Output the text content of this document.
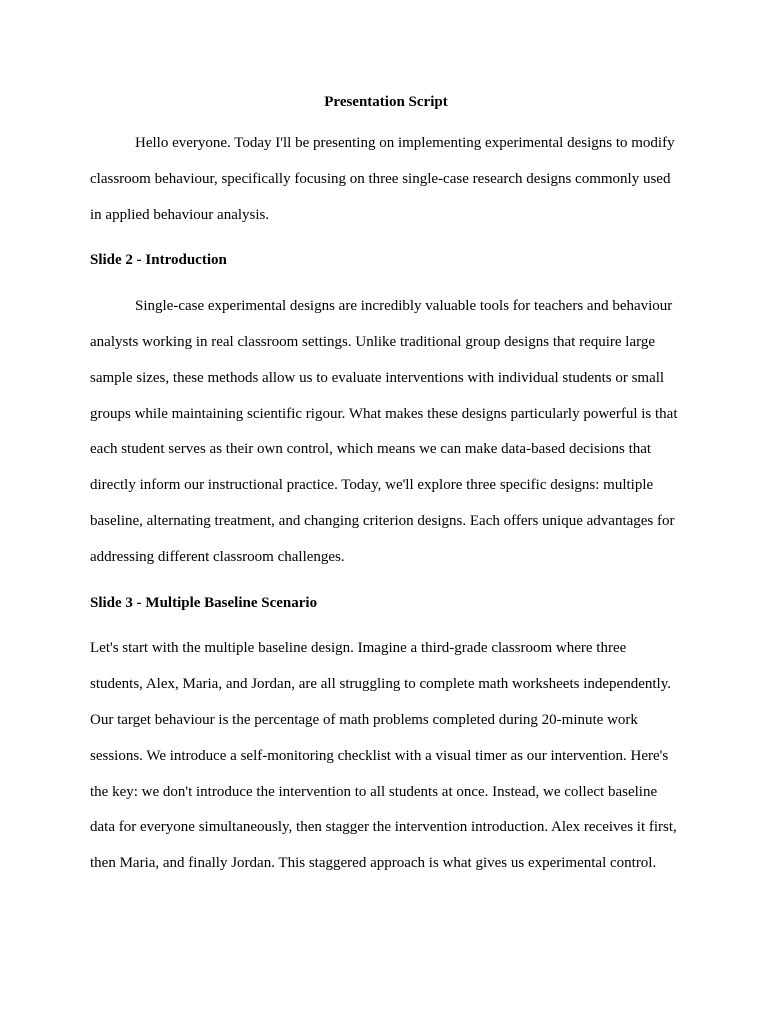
Presentation Script

Hello everyone. Today I'll be presenting on implementing experimental designs to modify classroom behaviour, specifically focusing on three single-case research designs commonly used in applied behaviour analysis.

Slide 2 - Introduction

Single-case experimental designs are incredibly valuable tools for teachers and behaviour analysts working in real classroom settings. Unlike traditional group designs that require large sample sizes, these methods allow us to evaluate interventions with individual students or small groups while maintaining scientific rigour. What makes these designs particularly powerful is that each student serves as their own control, which means we can make data-based decisions that directly inform our instructional practice. Today, we'll explore three specific designs: multiple baseline, alternating treatment, and changing criterion designs. Each offers unique advantages for addressing different classroom challenges.

Slide 3 - Multiple Baseline Scenario

Let's start with the multiple baseline design. Imagine a third-grade classroom where three students, Alex, Maria, and Jordan, are all struggling to complete math worksheets independently. Our target behaviour is the percentage of math problems completed during 20-minute work sessions. We introduce a self-monitoring checklist with a visual timer as our intervention. Here's the key: we don't introduce the intervention to all students at once. Instead, we collect baseline data for everyone simultaneously, then stagger the intervention introduction. Alex receives it first, then Maria, and finally Jordan. This staggered approach is what gives us experimental control.
